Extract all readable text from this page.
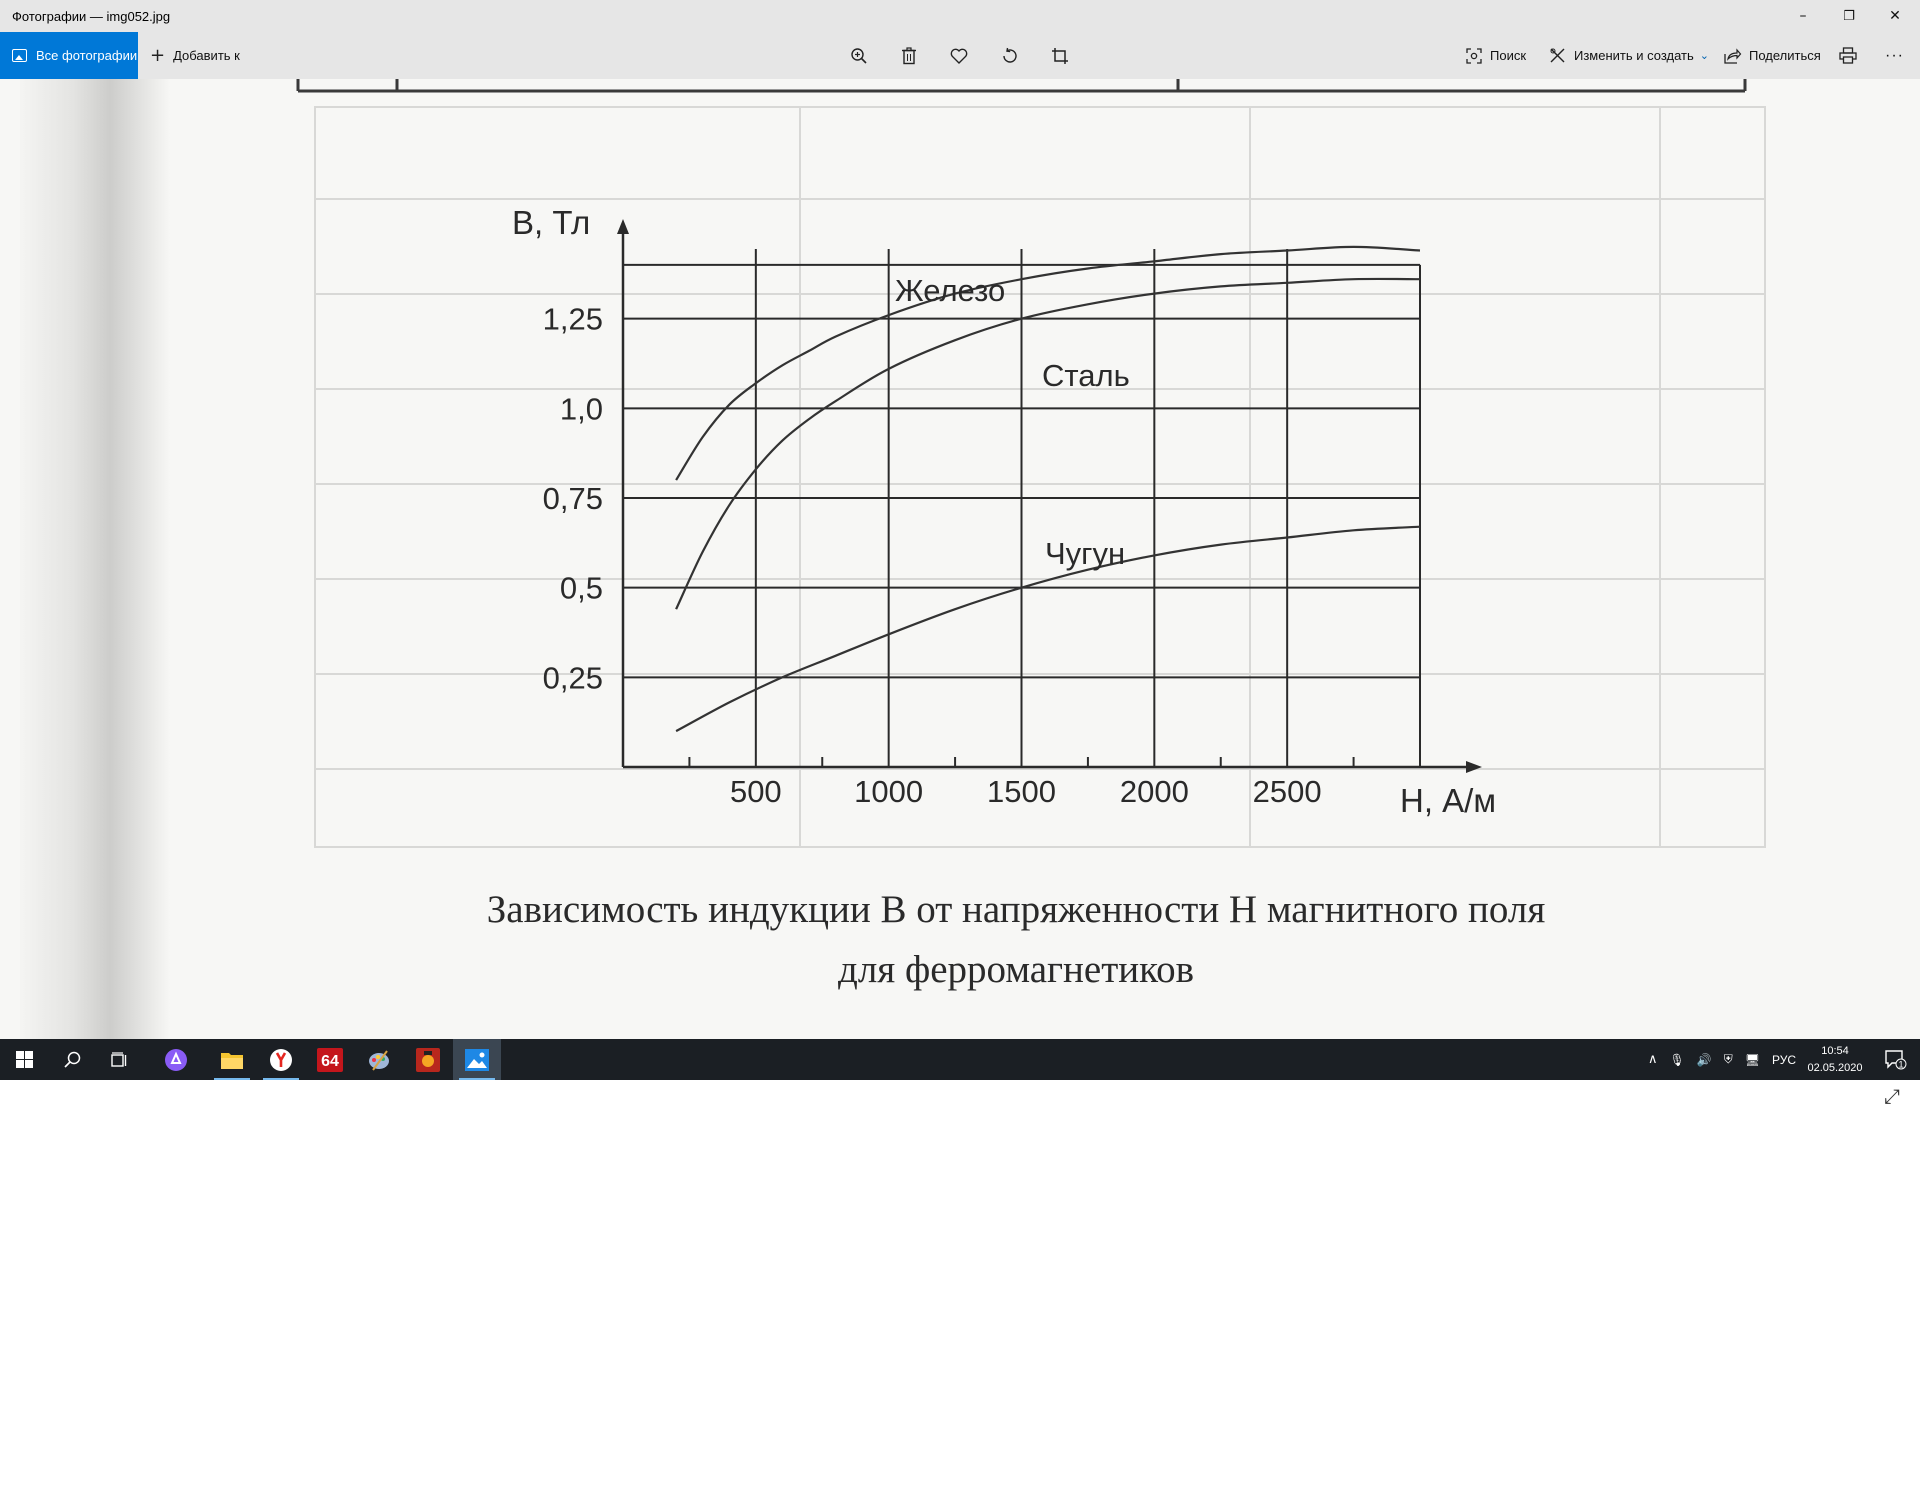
Фотографии — img052.jpg	–	❐	✕
Все фотографии + Добавить к	Поиск	Изменить и создать ⌄	Поделиться	···
500 1000 1500 2000 2500
0,25
0,5
0,75
1,0
1,25
B, Тл
H, А/м
Железо
Сталь
Чугун
Зависимость индукции B от напряженности H магнитного поля
для ферромагнетиков
⤢
64	∧ 🎙 🔊 ⛨ 🖥 РУС
10:54
02.05.2020	1
